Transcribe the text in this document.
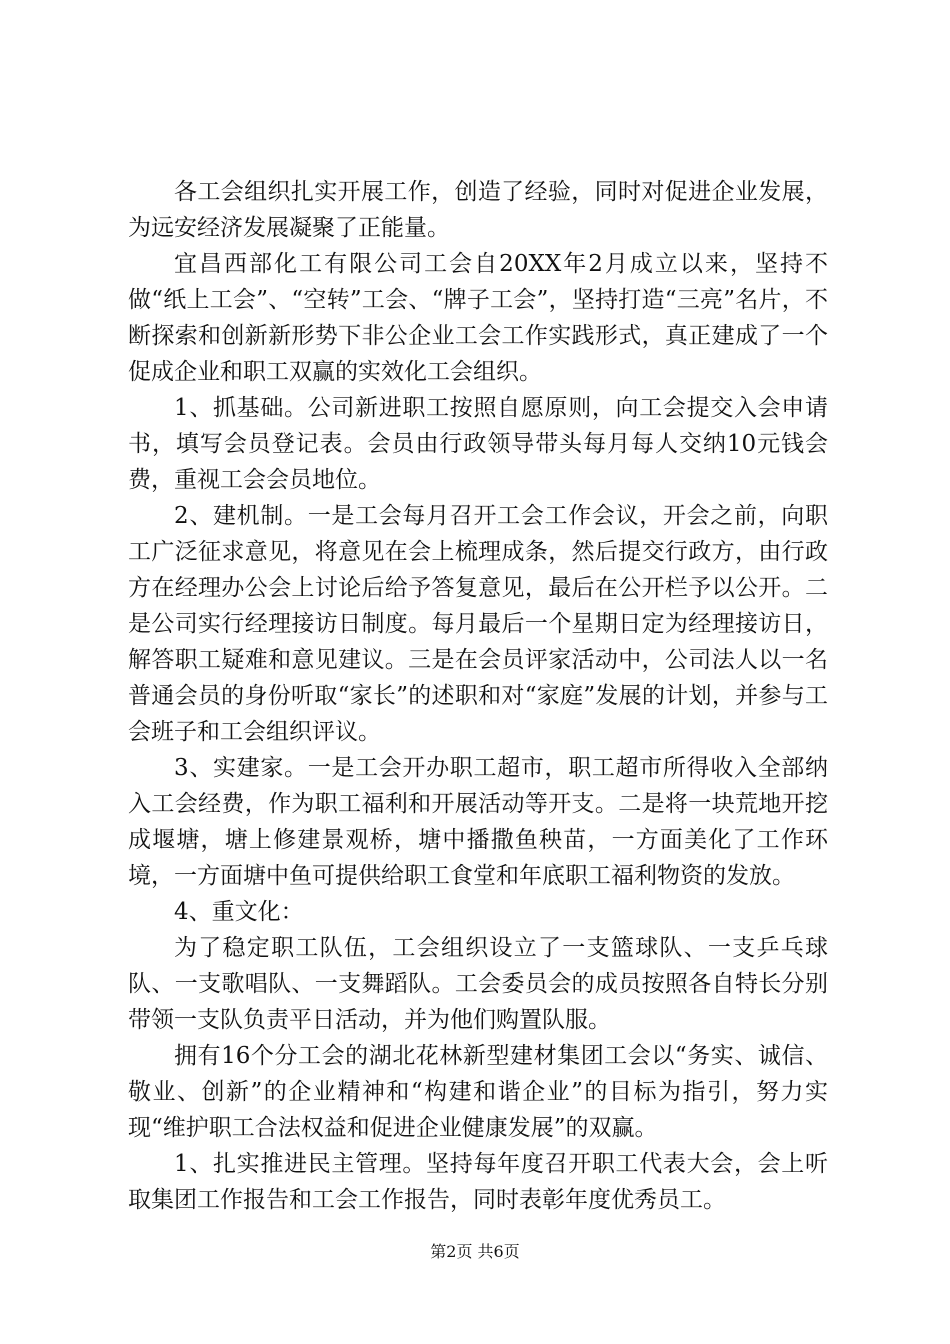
各工会组织扎实开展工作，创造了经验，同时对促进企业发展，为远安经济发展凝聚了正能量。

宜昌西部化工有限公司工会自20XX年2月成立以来，坚持不做“纸上工会”、“空转”工会、“牌子工会”，坚持打造“三亮”名片，不断探索和创新新形势下非公企业工会工作实践形式，真正建成了一个促成企业和职工双赢的实效化工会组织。

1、抓基础。公司新进职工按照自愿原则，向工会提交入会申请书，填写会员登记表。会员由行政领导带头每月每人交纳10元钱会费，重视工会会员地位。

2、建机制。一是工会每月召开工会工作会议，开会之前，向职工广泛征求意见，将意见在会上梳理成条，然后提交行政方，由行政方在经理办公会上讨论后给予答复意见，最后在公开栏予以公开。二是公司实行经理接访日制度。每月最后一个星期日定为经理接访日，解答职工疑难和意见建议。三是在会员评家活动中，公司法人以一名普通会员的身份听取“家长”的述职和对“家庭”发展的计划，并参与工会班子和工会组织评议。

3、实建家。一是工会开办职工超市，职工超市所得收入全部纳入工会经费，作为职工福利和开展活动等开支。二是将一块荒地开挖成堰塘，塘上修建景观桥，塘中播撒鱼秧苗，一方面美化了工作环境，一方面塘中鱼可提供给职工食堂和年底职工福利物资的发放。

4、重文化：

为了稳定职工队伍，工会组织设立了一支篮球队、一支乒乓球队、一支歌唱队、一支舞蹈队。工会委员会的成员按照各自特长分别带领一支队负责平日活动，并为他们购置队服。

拥有16个分工会的湖北花林新型建材集团工会以“务实、诚信、敬业、创新”的企业精神和“构建和谐企业”的目标为指引，努力实现“维护职工合法权益和促进企业健康发展”的双赢。

1、扎实推进民主管理。坚持每年度召开职工代表大会，会上听取集团工作报告和工会工作报告，同时表彰年度优秀员工。

第2页 共6页
